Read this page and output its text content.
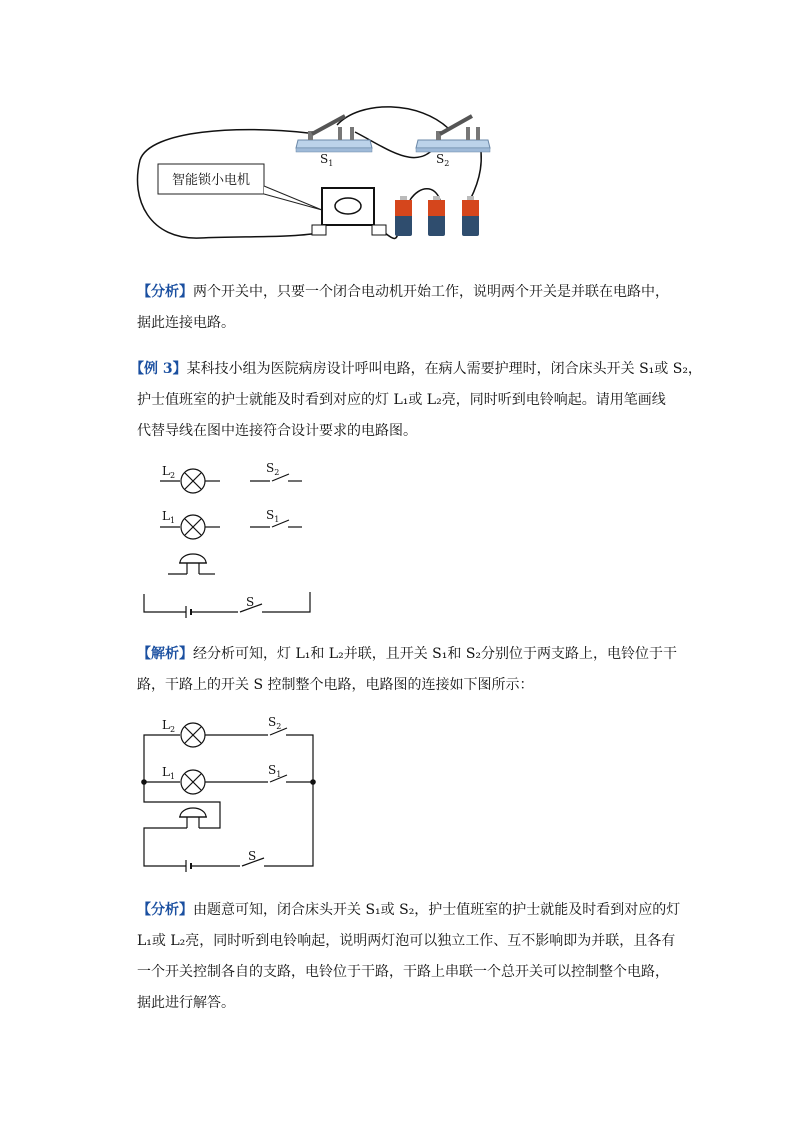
$S_1$	$S_2$
智能锁小电机
$L_2$
$S_2$
$L_1$	$S_1$
S
$L_2$
$S_2$
$L_1$	$S_1$
S
【分析】两个开关中，只要一个闭合电动机开始工作，说明两个开关是并联在电路中，
据此连接电路。
【例 3】某科技小组为医院病房设计呼叫电路，在病人需要护理时，闭合床头开关 S₁或 S₂，
护士值班室的护士就能及时看到对应的灯 L₁或 L₂亮，同时听到电铃响起。请用笔画线
代替导线在图中连接符合设计要求的电路图。
【解析】经分析可知，灯 L₁和 L₂并联，且开关 S₁和 S₂分别位于两支路上，电铃位于干
路，干路上的开关 S 控制整个电路，电路图的连接如下图所示：
【分析】由题意可知，闭合床头开关 S₁或 S₂，护士值班室的护士就能及时看到对应的灯
L₁或 L₂亮，同时听到电铃响起，说明两灯泡可以独立工作、互不影响即为并联，且各有
一个开关控制各自的支路，电铃位于干路，干路上串联一个总开关可以控制整个电路，
据此进行解答。
